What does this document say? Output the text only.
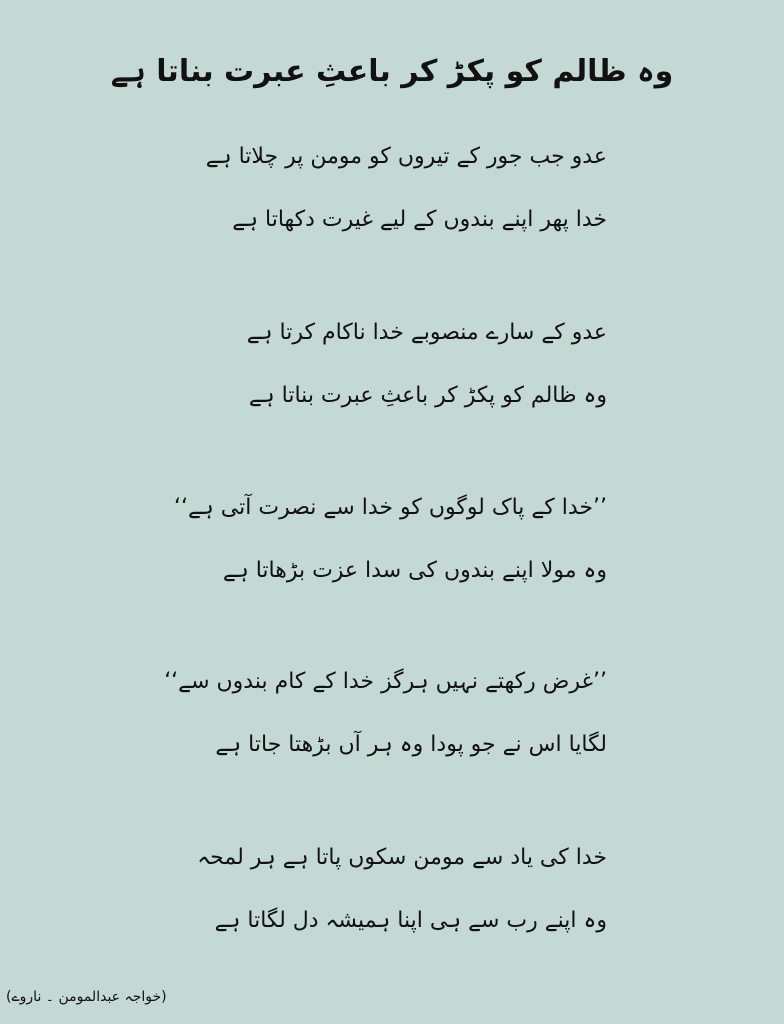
وہ ظالم کو پکڑ کر باعثِ عبرت بناتا ہے
عدو جب جور کے تیروں کو مومن پر چلاتا ہے
خدا پھر اپنے بندوں کے لیے غیرت دکھاتا ہے
عدو کے سارے منصوبے خدا ناکام کرتا ہے
وہ ظالم کو پکڑ کر باعثِ عبرت بناتا ہے
’’خدا کے پاک لوگوں کو خدا سے نصرت آتی ہے‘‘
وہ مولا اپنے بندوں کی سدا عزت بڑھاتا ہے
’’غرض رکھتے نہیں ہرگز خدا کے کام بندوں سے‘‘
لگایا اس نے جو پودا وہ ہر آں بڑھتا جاتا ہے
خدا کی یاد سے مومن سکوں پاتا ہے ہر لمحہ
وہ اپنے رب سے ہی اپنا ہمیشہ دل لگاتا ہے
(خواجہ عبدالمومن ۔ ناروے)
